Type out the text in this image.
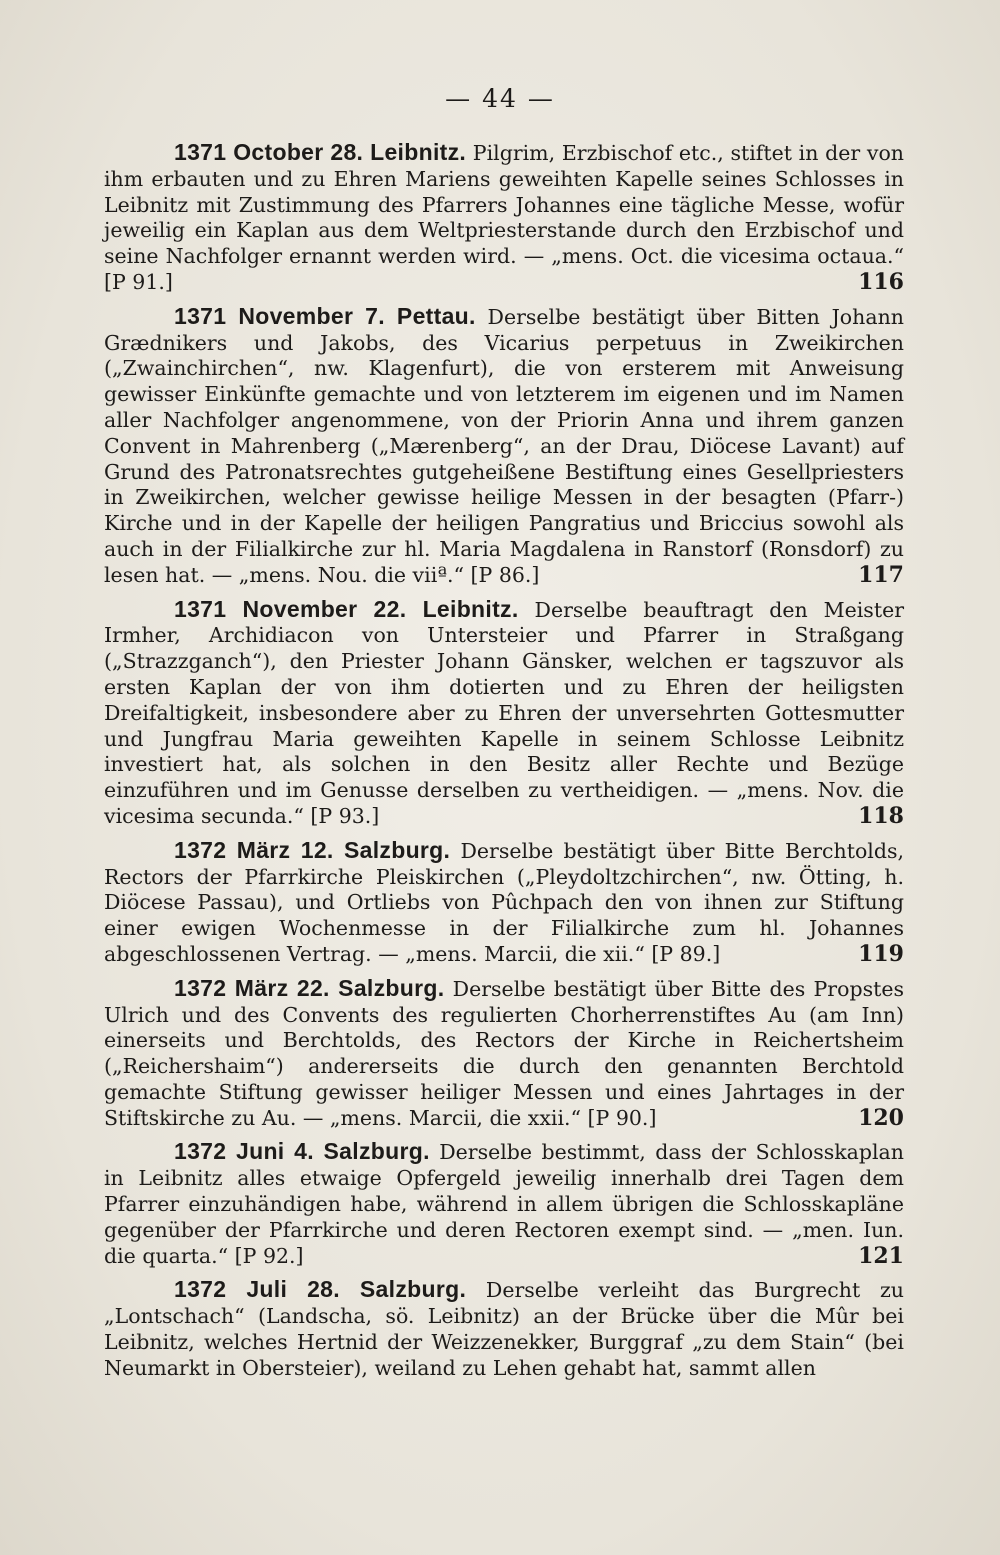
— 44 —

1371 October 28. Leibnitz. Pilgrim, Erzbischof etc., stiftet in der von ihm erbauten und zu Ehren Mariens geweihten Kapelle seines Schlosses in Leibnitz mit Zustimmung des Pfarrers Johannes eine tägliche Messe, wofür jeweilig ein Kaplan aus dem Weltpriesterstande durch den Erzbischof und seine Nachfolger ernannt werden wird. — „mens. Oct. die vicesima octaua.“ [P 91.]	116

1371 November 7. Pettau. Derselbe bestätigt über Bitten Johann Grædnikers und Jakobs, des Vicarius perpetuus in Zweikirchen („Zwainchirchen“, nw. Klagenfurt), die von ersterem mit Anweisung gewisser Einkünfte gemachte und von letzterem im eigenen und im Namen aller Nachfolger angenommene, von der Priorin Anna und ihrem ganzen Convent in Mahrenberg („Mærenberg“, an der Drau, Diöcese Lavant) auf Grund des Patronatsrechtes gutgeheißene Bestiftung eines Gesellpriesters in Zweikirchen, welcher gewisse heilige Messen in der besagten (Pfarr-) Kirche und in der Kapelle der heiligen Pangratius und Briccius sowohl als auch in der Filialkirche zur hl. Maria Magdalena in Ranstorf (Ronsdorf) zu lesen hat. — „mens. Nou. die viiª.“ [P 86.]	117

1371 November 22. Leibnitz. Derselbe beauftragt den Meister Irmher, Archidiacon von Untersteier und Pfarrer in Straßgang („Strazzganch“), den Priester Johann Gänsker, welchen er tagszuvor als ersten Kaplan der von ihm dotierten und zu Ehren der heiligsten Dreifaltigkeit, insbesondere aber zu Ehren der unversehrten Gottesmutter und Jungfrau Maria geweihten Kapelle in seinem Schlosse Leibnitz investiert hat, als solchen in den Besitz aller Rechte und Bezüge einzuführen und im Genusse derselben zu vertheidigen. — „mens. Nov. die vicesima secunda.“ [P 93.]	118

1372 März 12. Salzburg. Derselbe bestätigt über Bitte Berchtolds, Rectors der Pfarrkirche Pleiskirchen („Pleydoltzchirchen“, nw. Ötting, h. Diöcese Passau), und Ortliebs von Pûchpach den von ihnen zur Stiftung einer ewigen Wochenmesse in der Filialkirche zum hl. Johannes abgeschlossenen Vertrag. — „mens. Marcii, die xii.“ [P 89.]	119

1372 März 22. Salzburg. Derselbe bestätigt über Bitte des Propstes Ulrich und des Convents des regulierten Chorherrenstiftes Au (am Inn) einerseits und Berchtolds, des Rectors der Kirche in Reichertsheim („Reichershaim“) andererseits die durch den genannten Berchtold gemachte Stiftung gewisser heiliger Messen und eines Jahrtages in der Stiftskirche zu Au. — „mens. Marcii, die xxii.“ [P 90.]	120

1372 Juni 4. Salzburg. Derselbe bestimmt, dass der Schlosskaplan in Leibnitz alles etwaige Opfergeld jeweilig innerhalb drei Tagen dem Pfarrer einzuhändigen habe, während in allem übrigen die Schlosskapläne gegenüber der Pfarrkirche und deren Rectoren exempt sind. — „men. Iun. die quarta.“ [P 92.]	121

1372 Juli 28. Salzburg. Derselbe verleiht das Burgrecht zu „Lontschach“ (Landscha, sö. Leibnitz) an der Brücke über die Mûr bei Leibnitz, welches Hertnid der Weizzenekker, Burggraf „zu dem Stain“ (bei Neumarkt in Obersteier), weiland zu Lehen gehabt hat, sammt allen
